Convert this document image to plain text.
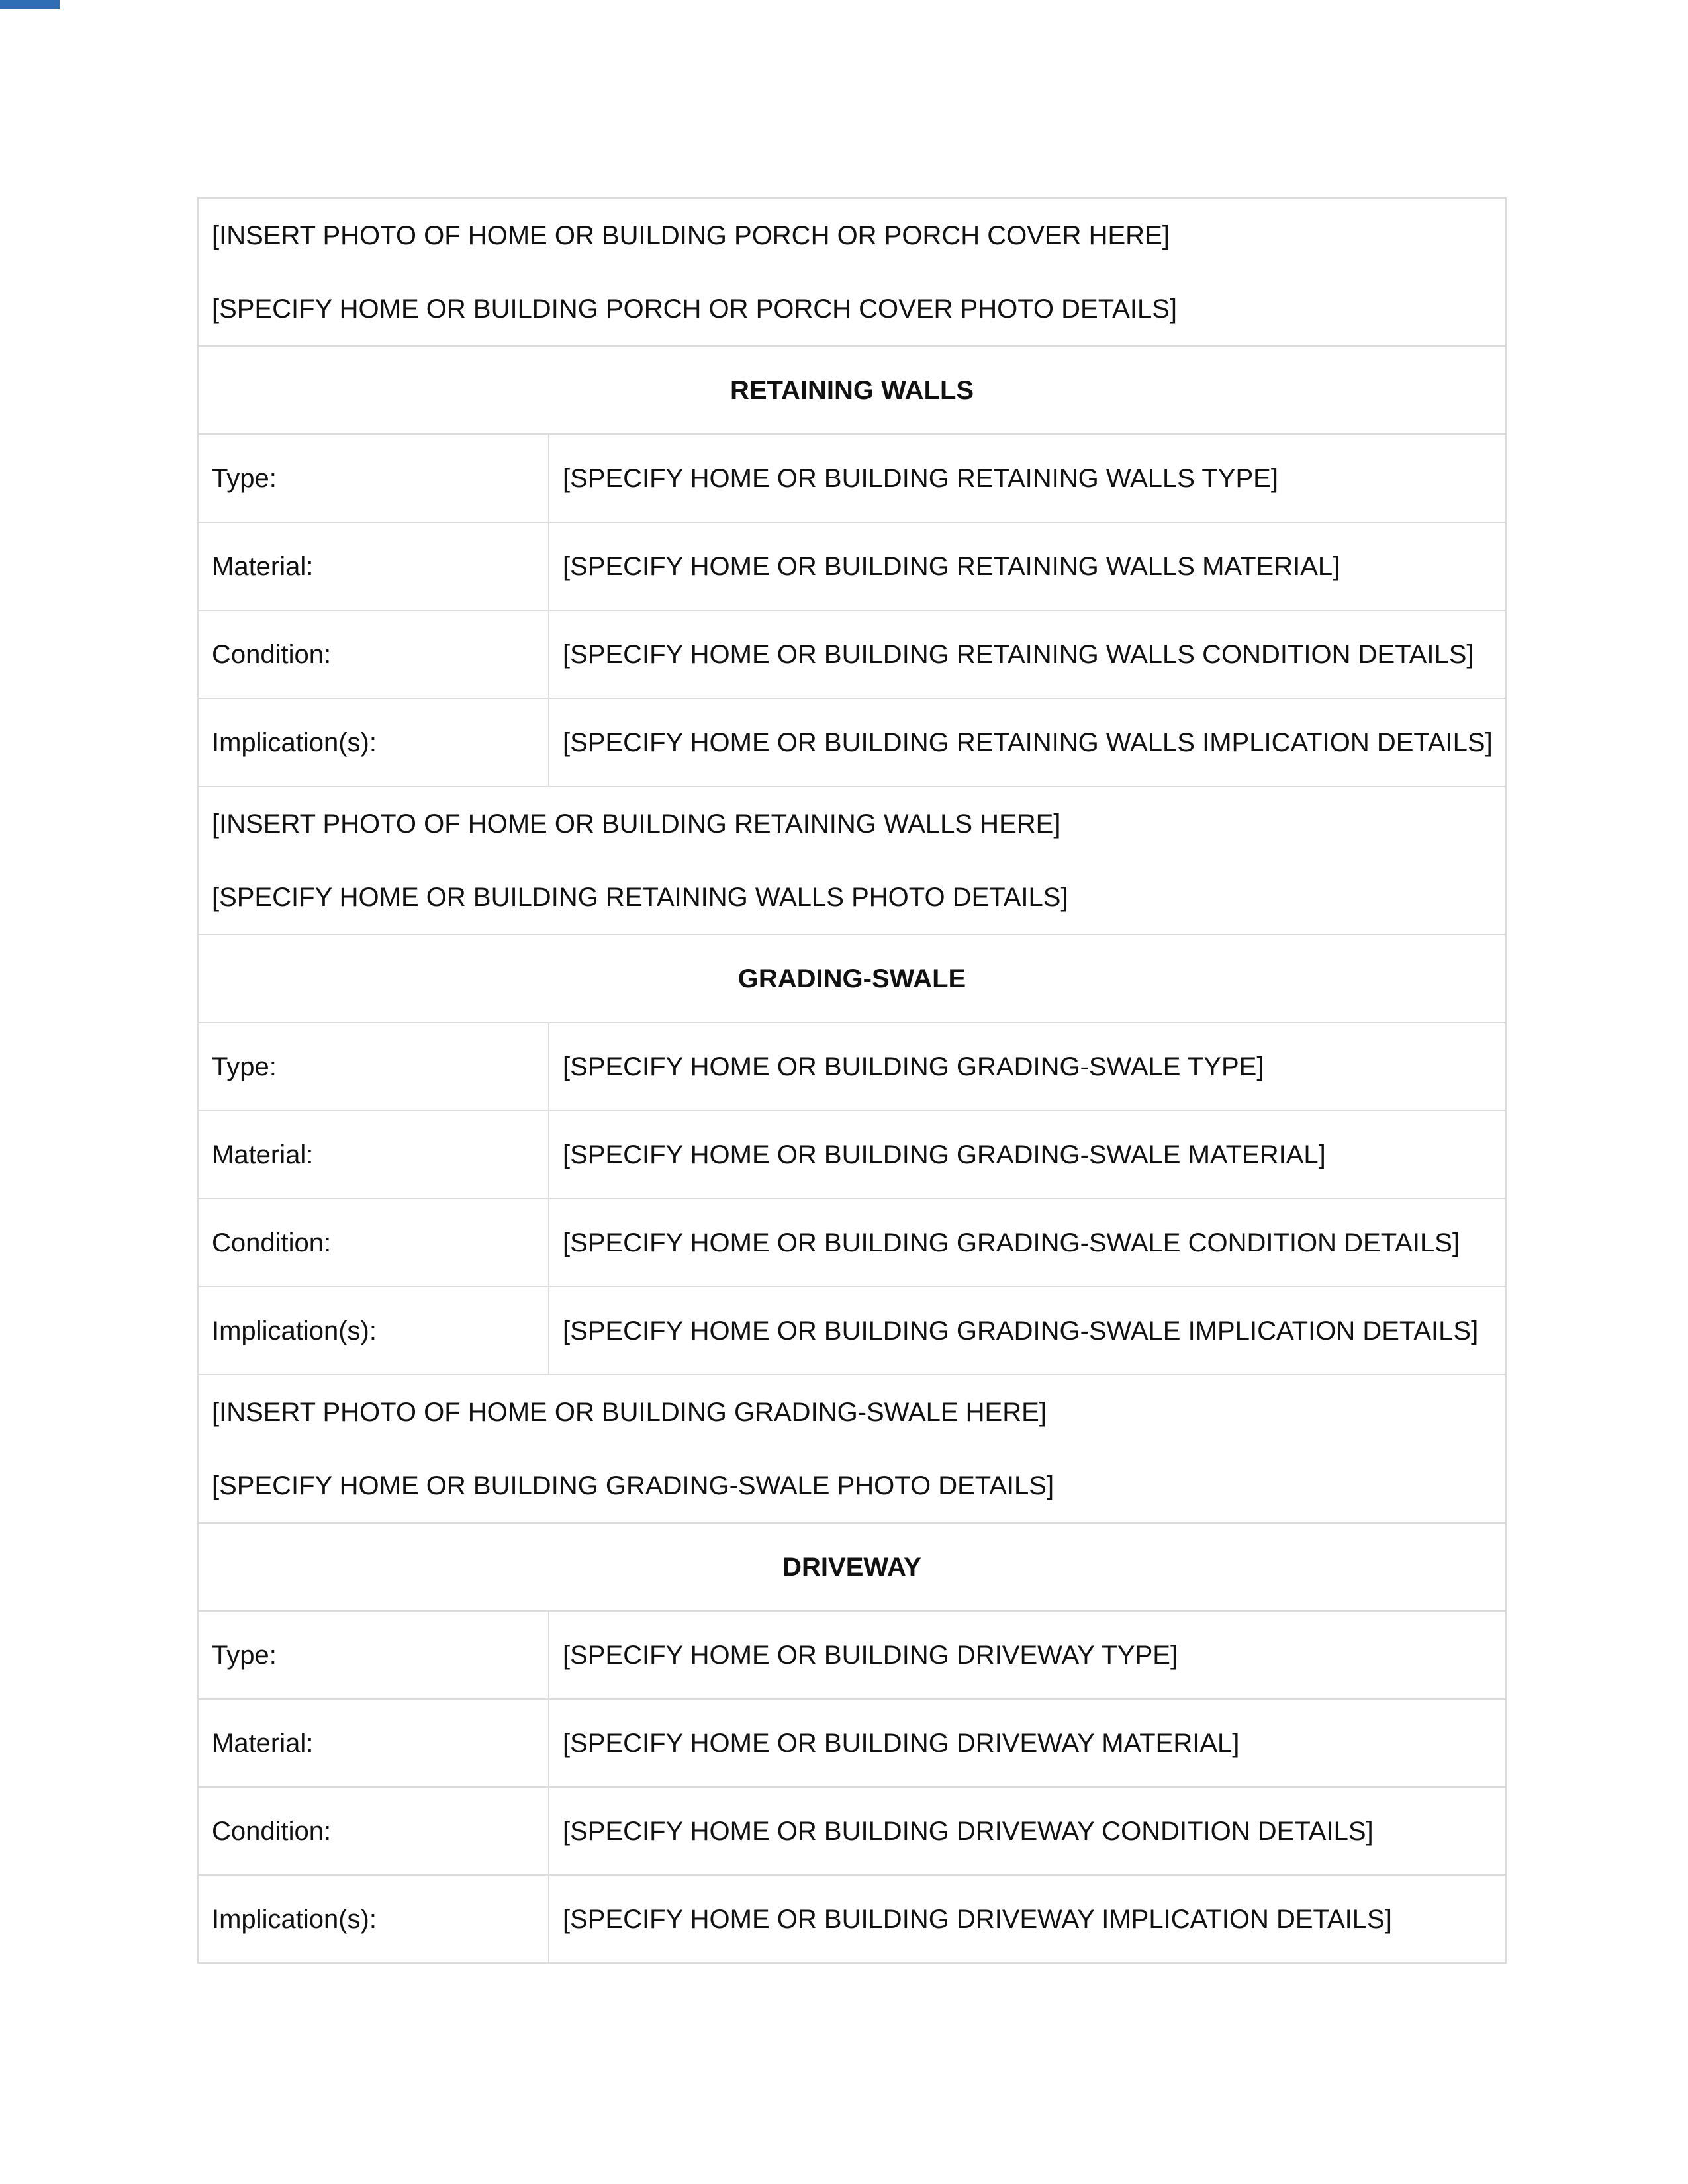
[INSERT PHOTO OF HOME OR BUILDING PORCH OR PORCH COVER HERE]

[SPECIFY HOME OR BUILDING PORCH OR PORCH COVER PHOTO DETAILS]	

RETAINING WALLS	
Type:	[SPECIFY HOME OR BUILDING RETAINING WALLS TYPE]
Material:	[SPECIFY HOME OR BUILDING RETAINING WALLS MATERIAL]
Condition:	[SPECIFY HOME OR BUILDING RETAINING WALLS CONDITION DETAILS]
Implication(s):	[SPECIFY HOME OR BUILDING RETAINING WALLS IMPLICATION DETAILS]

[INSERT PHOTO OF HOME OR BUILDING RETAINING WALLS HERE]

[SPECIFY HOME OR BUILDING RETAINING WALLS PHOTO DETAILS]	

GRADING-SWALE	
Type:	[SPECIFY HOME OR BUILDING GRADING-SWALE TYPE]
Material:	[SPECIFY HOME OR BUILDING GRADING-SWALE MATERIAL]
Condition:	[SPECIFY HOME OR BUILDING GRADING-SWALE CONDITION DETAILS]
Implication(s):	[SPECIFY HOME OR BUILDING GRADING-SWALE IMPLICATION DETAILS]

[INSERT PHOTO OF HOME OR BUILDING GRADING-SWALE HERE]

[SPECIFY HOME OR BUILDING GRADING-SWALE PHOTO DETAILS]	

DRIVEWAY	
Type:	[SPECIFY HOME OR BUILDING DRIVEWAY TYPE]
Material:	[SPECIFY HOME OR BUILDING DRIVEWAY MATERIAL]
Condition:	[SPECIFY HOME OR BUILDING DRIVEWAY CONDITION DETAILS]
Implication(s):	[SPECIFY HOME OR BUILDING DRIVEWAY IMPLICATION DETAILS]
